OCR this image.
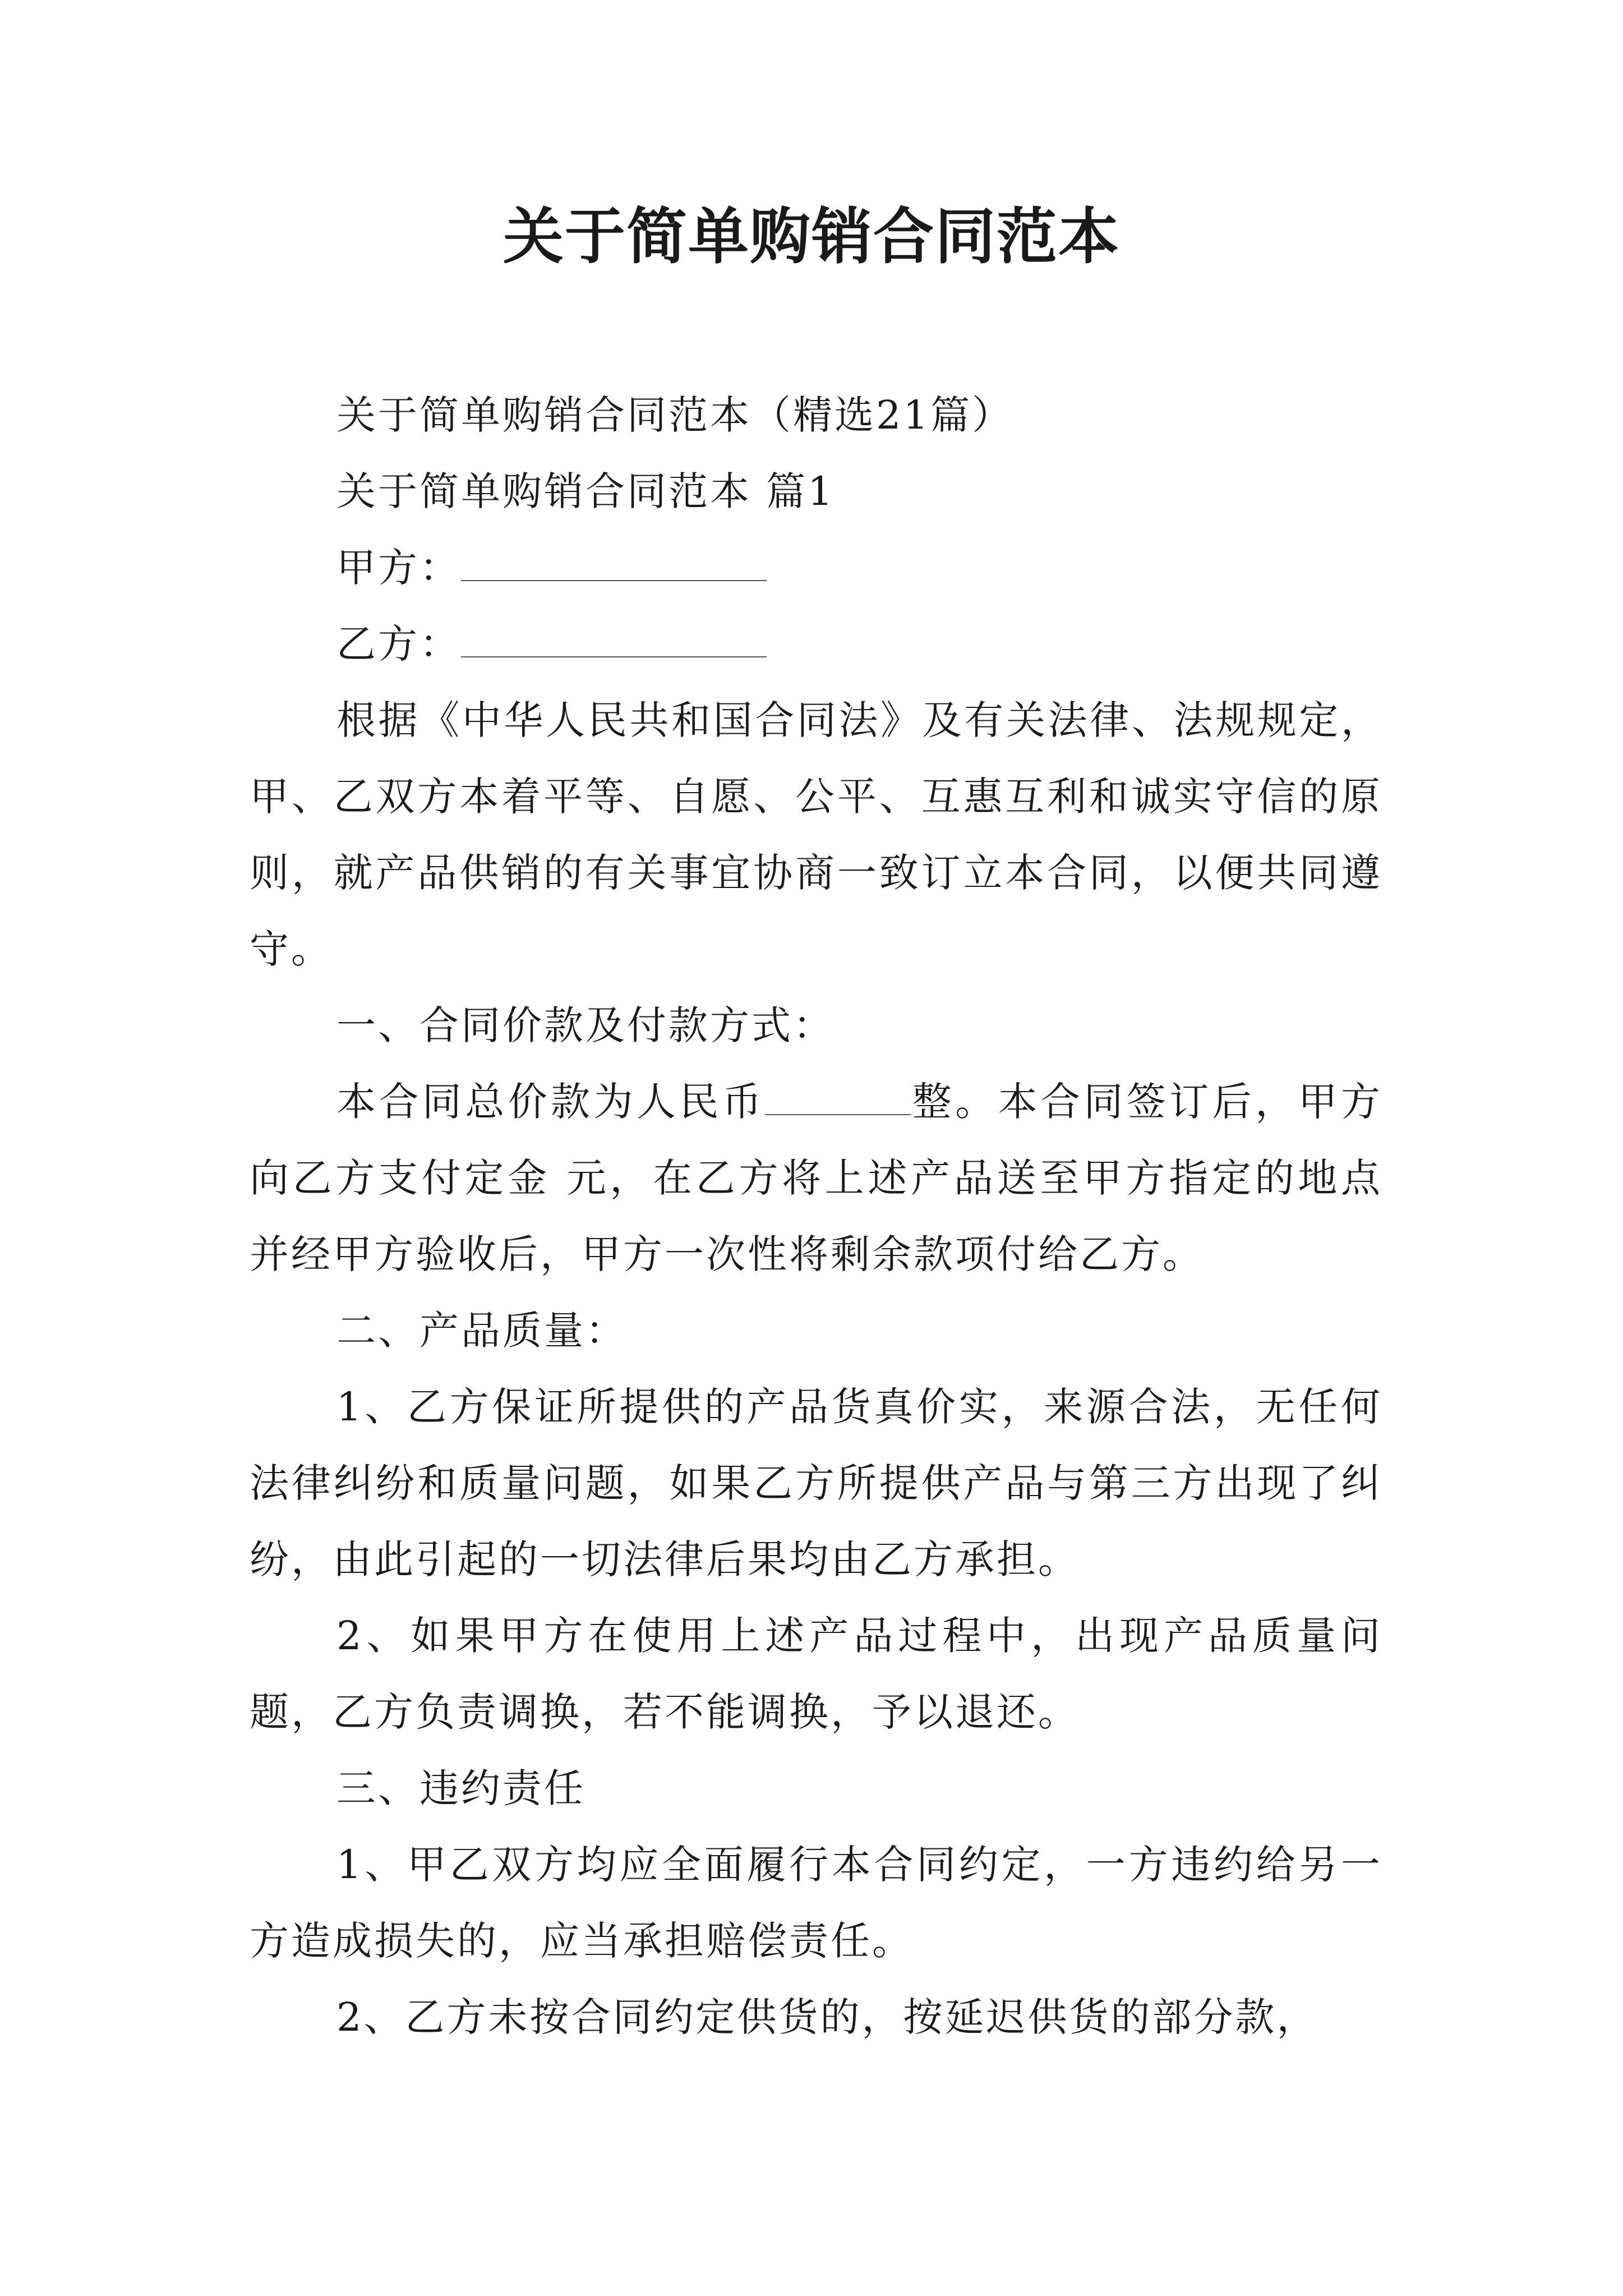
关于简单购销合同范本

关于简单购销合同范本（精选21篇）

关于简单购销合同范本 篇1

甲方：

乙方：

根据《中华人民共和国合同法》及有关法律、法规规定，甲、乙双方本着平等、自愿、公平、互惠互利和诚实守信的原则，就产品供销的有关事宜协商一致订立本合同，以便共同遵守。

一、合同价款及付款方式：

本合同总价款为人民币	整。本合同签订后，甲方向乙方支付定金 元，在乙方将上述产品送至甲方指定的地点并经甲方验收后，甲方一次性将剩余款项付给乙方。

二、产品质量：

1、乙方保证所提供的产品货真价实，来源合法，无任何法律纠纷和质量问题，如果乙方所提供产品与第三方出现了纠纷，由此引起的一切法律后果均由乙方承担。

2、如果甲方在使用上述产品过程中，出现产品质量问题，乙方负责调换，若不能调换，予以退还。

三、违约责任

1、甲乙双方均应全面履行本合同约定，一方违约给另一方造成损失的，应当承担赔偿责任。

2、乙方未按合同约定供货的，按延迟供货的部分款，
